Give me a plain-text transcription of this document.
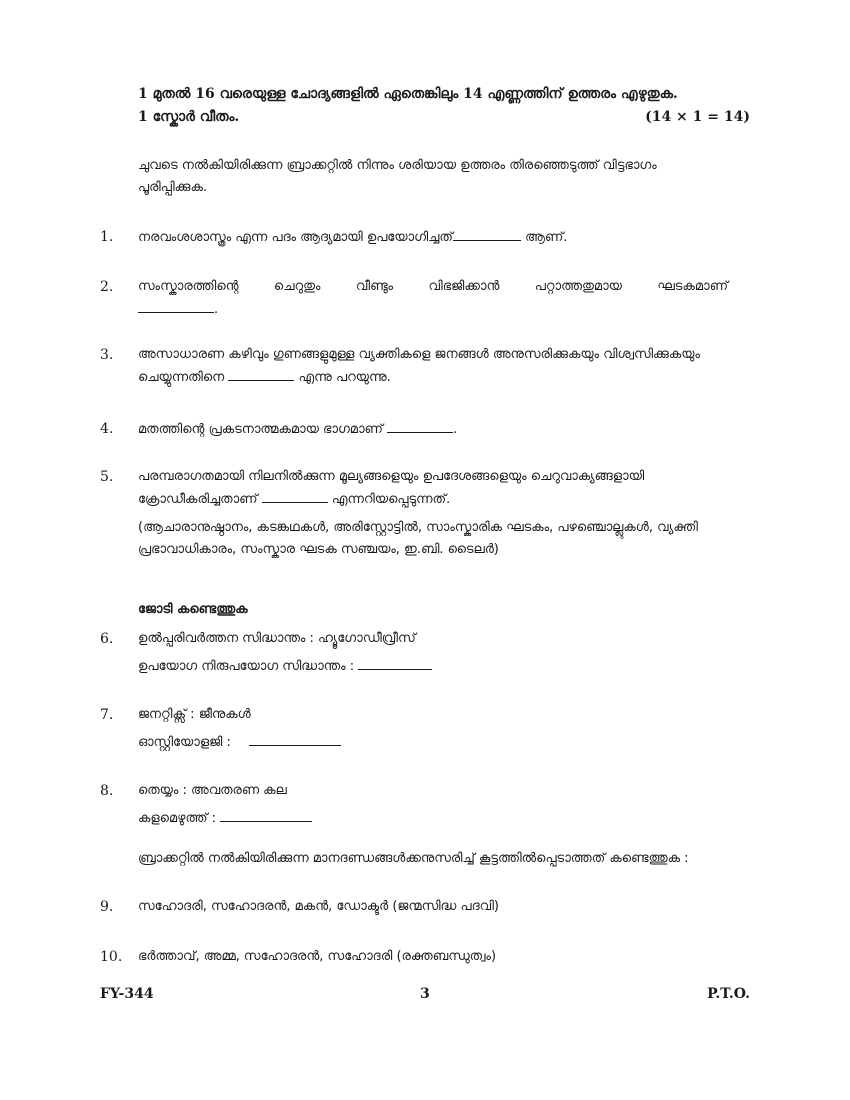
1 മുതൽ 16 വരെയുള്ള ചോദ്യങ്ങളിൽ ഏതെങ്കിലും 14 എണ്ണത്തിന് ഉത്തരം എഴുതുക.
1 സ്കോർ വീതം.	(14 × 1 = 14)
ചുവടെ നൽകിയിരിക്കുന്ന ബ്രാക്കറ്റിൽ നിന്നും ശരിയായ ഉത്തരം തിരഞ്ഞെടുത്ത് വിട്ടഭാഗം പൂരിപ്പിക്കുക.
1. നരവംശശാസ്ത്രം എന്ന പദം ആദ്യമായി ഉപയോഗിച്ചത്	ആണ്.
2. സംസ്കാരത്തിന്റെ ചെറുതും വീണ്ടും വിഭജിക്കാൻ പറ്റാത്തതുമായ ഘടകമാണ്
.
3. അസാധാരണ കഴിവും ഗുണങ്ങളുമുള്ള വ്യക്തികളെ ജനങ്ങൾ അനുസരിക്കുകയും വിശ്വസിക്കുകയും ചെയ്യുന്നതിനെ	എന്നു പറയുന്നു.
4. മതത്തിന്റെ പ്രകടനാത്മകമായ ഭാഗമാണ്	.
5. പരമ്പരാഗതമായി നിലനിൽക്കുന്ന മൂല്യങ്ങളെയും ഉപദേശങ്ങളെയും ചെറുവാക്യങ്ങളായി ക്രോഡീകരിച്ചതാണ്	എന്നറിയപ്പെടുന്നത്.
(ആചാരാനുഷ്ഠാനം, കടങ്കഥകൾ, അരിസ്റ്റോട്ടിൽ, സാംസ്കാരിക ഘടകം, പഴഞ്ചൊല്ലുകൾ, വ്യക്തി പ്രഭാവാധികാരം, സംസ്കാര ഘടക സഞ്ചയം, ഇ.ബി. ടൈലർ)
ജോടി കണ്ടെത്തുക
6. ഉൽപ്പരിവർത്തന സിദ്ധാന്തം : ഹ്യൂഗോഡീവ്രീസ്
ഉപയോഗ നിരുപയോഗ സിദ്ധാന്തം :
7. ജനറ്റിക്സ് : ജീനുകൾ
ഓസ്റ്റിയോളജി :
8. തെയ്യം : അവതരണ കല
കളമെഴുത്ത് :
ബ്രാക്കറ്റിൽ നൽകിയിരിക്കുന്ന മാനദണ്ഡങ്ങൾക്കനുസരിച്ച് കൂട്ടത്തിൽപ്പെടാത്തത് കണ്ടെത്തുക :
9. സഹോദരി, സഹോദരൻ, മകൻ, ഡോക്ടർ (ജന്മസിദ്ധ പദവി)
10. ഭർത്താവ്, അമ്മ, സഹോദരൻ, സഹോദരി (രക്തബന്ധുത്വം)
FY-344	3	P.T.O.
